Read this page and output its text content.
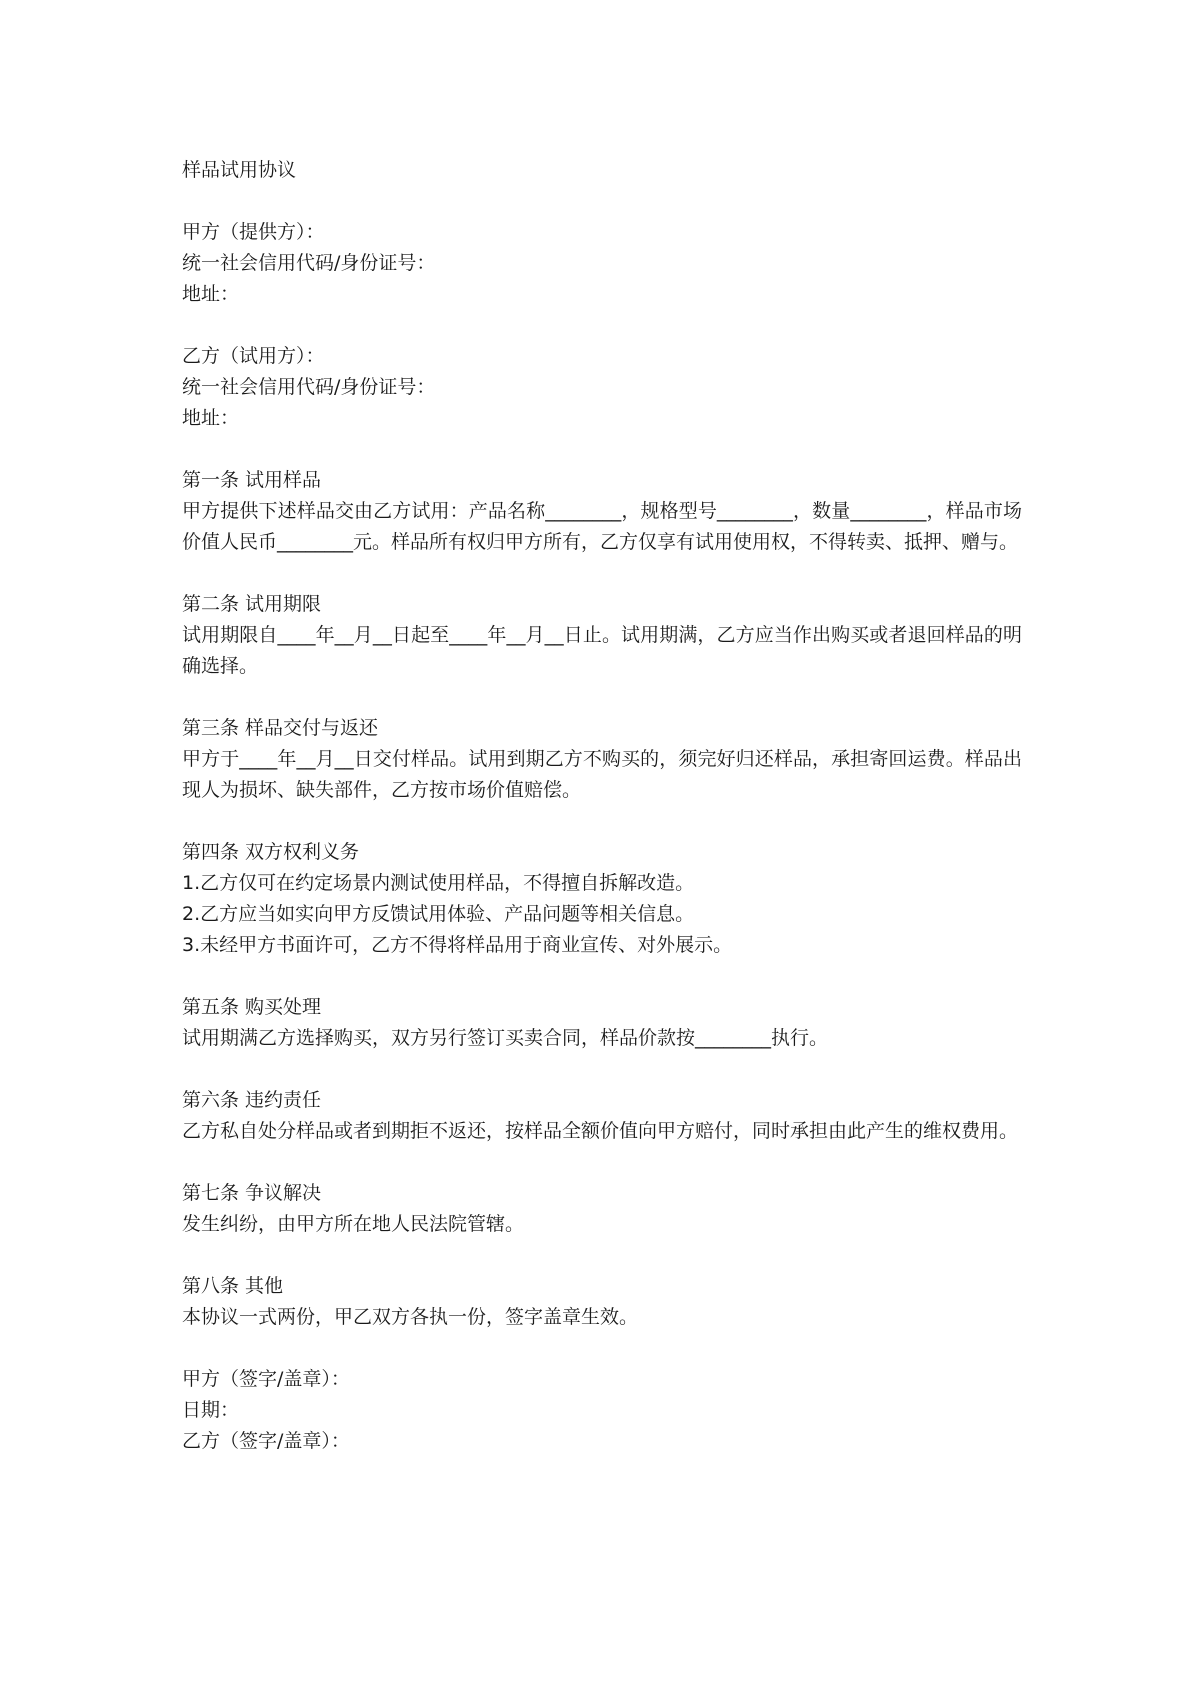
样品试用协议
甲方（提供方）：
统一社会信用代码/身份证号：
地址：
乙方（试用方）：
统一社会信用代码/身份证号：
地址：
第一条 试用样品
甲方提供下述样品交由乙方试用：产品名称________，规格型号________，数量________，样品市场价值人民币________元。样品所有权归甲方所有，乙方仅享有试用使用权，不得转卖、抵押、赠与。
第二条 试用期限
试用期限自____年__月__日起至____年__月__日止。试用期满，乙方应当作出购买或者退回样品的明确选择。
第三条 样品交付与返还
甲方于____年__月__日交付样品。试用到期乙方不购买的，须完好归还样品，承担寄回运费。样品出现人为损坏、缺失部件，乙方按市场价值赔偿。
第四条 双方权利义务
1.乙方仅可在约定场景内测试使用样品，不得擅自拆解改造。
2.乙方应当如实向甲方反馈试用体验、产品问题等相关信息。
3.未经甲方书面许可，乙方不得将样品用于商业宣传、对外展示。
第五条 购买处理
试用期满乙方选择购买，双方另行签订买卖合同，样品价款按________执行。
第六条 违约责任
乙方私自处分样品或者到期拒不返还，按样品全额价值向甲方赔付，同时承担由此产生的维权费用。
第七条 争议解决
发生纠纷，由甲方所在地人民法院管辖。
第八条 其他
本协议一式两份，甲乙双方各执一份，签字盖章生效。
甲方（签字/盖章）：
日期：
乙方（签字/盖章）：
